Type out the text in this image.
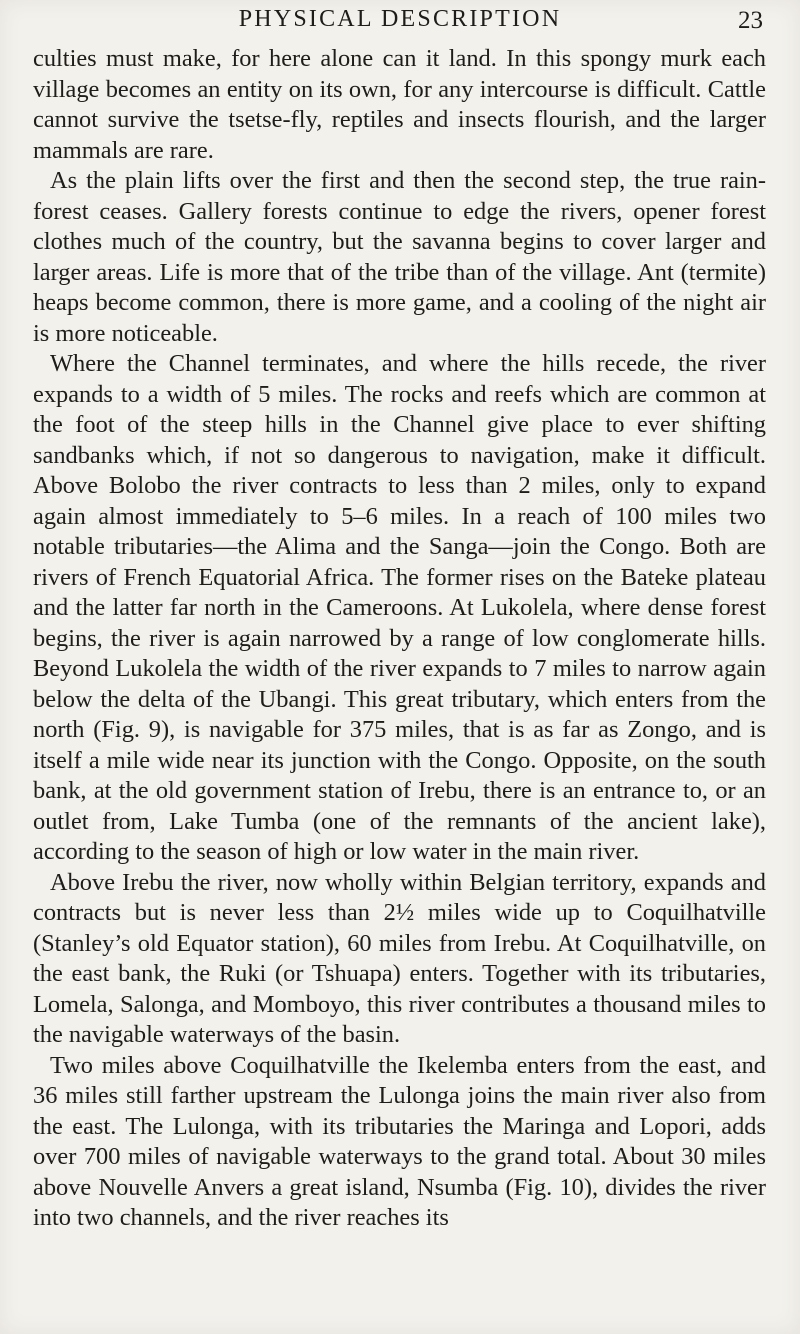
PHYSICAL DESCRIPTION	23

culties must make, for here alone can it land. In this spongy murk each village becomes an entity on its own, for any intercourse is difficult. Cattle cannot survive the tsetse-fly, reptiles and insects flourish, and the larger mammals are rare.

As the plain lifts over the first and then the second step, the true rain-forest ceases. Gallery forests continue to edge the rivers, opener forest clothes much of the country, but the savanna begins to cover larger and larger areas. Life is more that of the tribe than of the village. Ant (termite) heaps become common, there is more game, and a cooling of the night air is more noticeable.

Where the Channel terminates, and where the hills recede, the river expands to a width of 5 miles. The rocks and reefs which are common at the foot of the steep hills in the Channel give place to ever shifting sandbanks which, if not so dangerous to navigation, make it difficult. Above Bolobo the river contracts to less than 2 miles, only to expand again almost immediately to 5–6 miles. In a reach of 100 miles two notable tributaries—the Alima and the Sanga—join the Congo. Both are rivers of French Equatorial Africa. The former rises on the Bateke plateau and the latter far north in the Cameroons. At Lukolela, where dense forest begins, the river is again narrowed by a range of low conglomerate hills. Beyond Lukolela the width of the river expands to 7 miles to narrow again below the delta of the Ubangi. This great tributary, which enters from the north (Fig. 9), is navigable for 375 miles, that is as far as Zongo, and is itself a mile wide near its junction with the Congo. Opposite, on the south bank, at the old government station of Irebu, there is an entrance to, or an outlet from, Lake Tumba (one of the remnants of the ancient lake), according to the season of high or low water in the main river.

Above Irebu the river, now wholly within Belgian territory, expands and contracts but is never less than 2½ miles wide up to Coquilhatville (Stanley’s old Equator station), 60 miles from Irebu. At Coquilhatville, on the east bank, the Ruki (or Tshuapa) enters. Together with its tributaries, Lomela, Salonga, and Momboyo, this river contributes a thousand miles to the navigable waterways of the basin.

Two miles above Coquilhatville the Ikelemba enters from the east, and 36 miles still farther upstream the Lulonga joins the main river also from the east. The Lulonga, with its tributaries the Maringa and Lopori, adds over 700 miles of navigable waterways to the grand total. About 30 miles above Nouvelle Anvers a great island, Nsumba (Fig. 10), divides the river into two channels, and the river reaches its
